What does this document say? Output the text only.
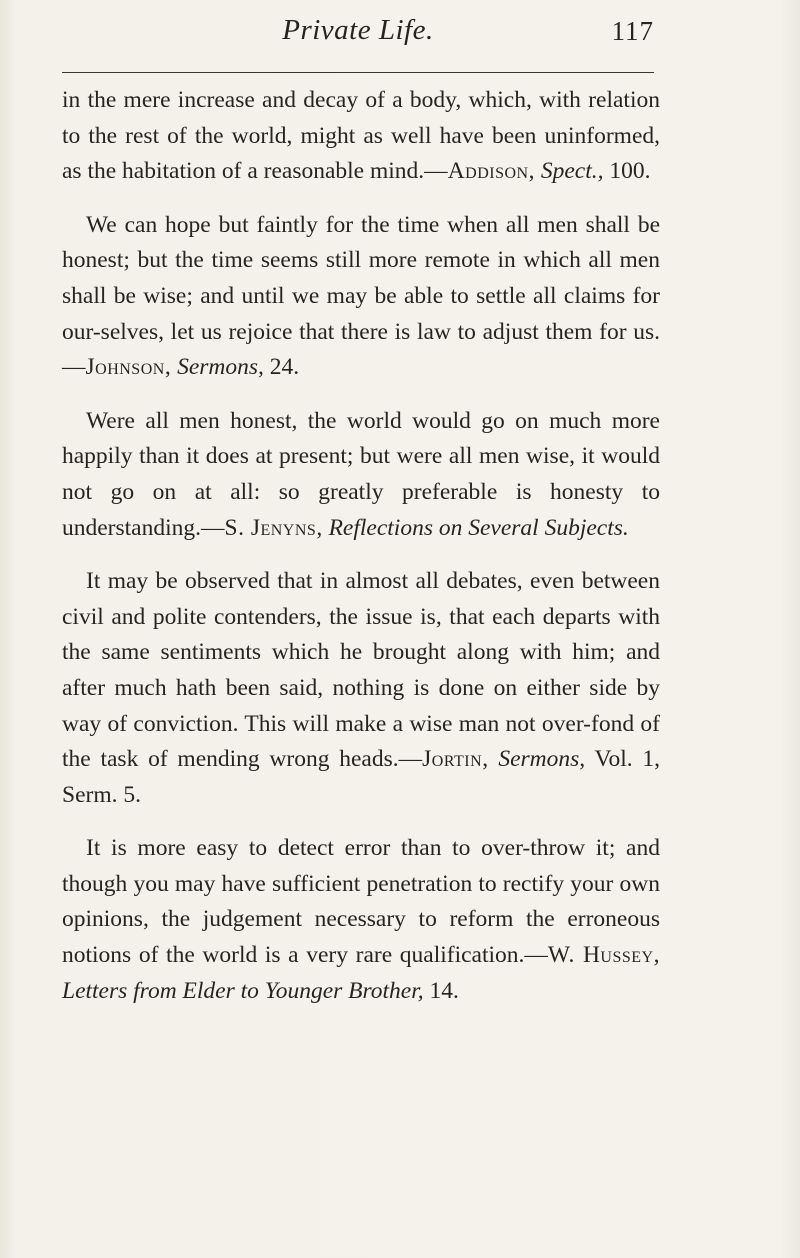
Private Life.	117

in the mere increase and decay of a body, which, with relation to the rest of the world, might as well have been uninformed, as the habitation of a reasonable mind.—Addison, Spect., 100.

We can hope but faintly for the time when all men shall be honest; but the time seems still more remote in which all men shall be wise; and until we may be able to settle all claims for our-selves, let us rejoice that there is law to adjust them for us.—Johnson, Sermons, 24.

Were all men honest, the world would go on much more happily than it does at present; but were all men wise, it would not go on at all: so greatly preferable is honesty to understanding.—S. Jenyns, Reflections on Several Subjects.

It may be observed that in almost all debates, even between civil and polite contenders, the issue is, that each departs with the same sentiments which he brought along with him; and after much hath been said, nothing is done on either side by way of conviction. This will make a wise man not over-fond of the task of mending wrong heads.—Jortin, Sermons, Vol. 1, Serm. 5.

It is more easy to detect error than to over-throw it; and though you may have sufficient penetration to rectify your own opinions, the judgement necessary to reform the erroneous notions of the world is a very rare qualification.—W. Hussey, Letters from Elder to Younger Brother, 14.
